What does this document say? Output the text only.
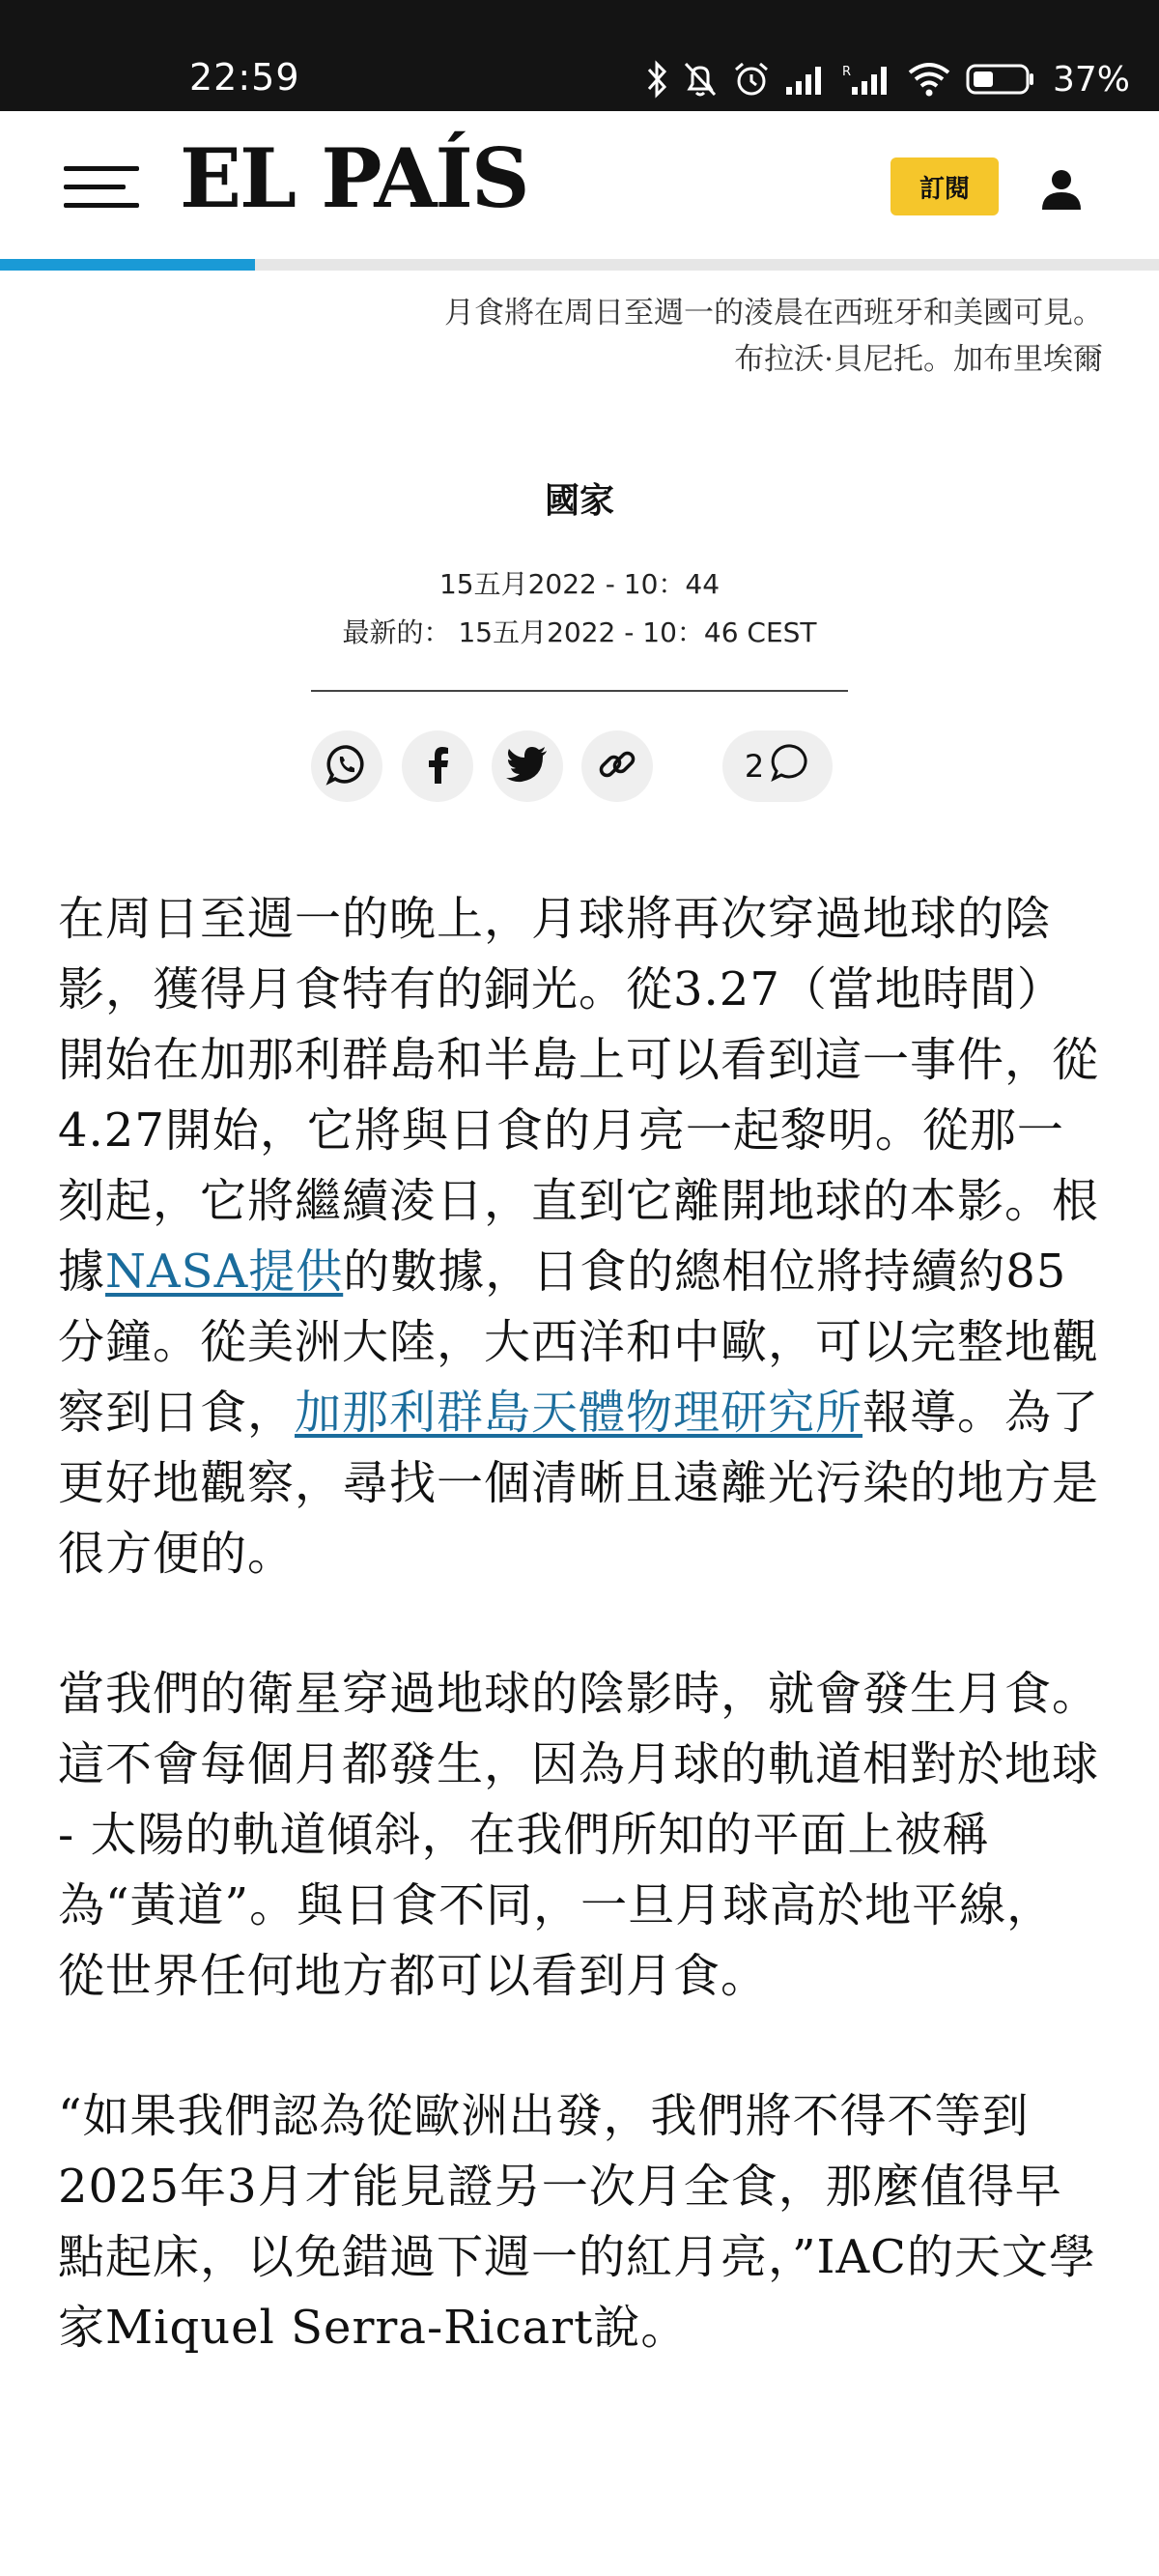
22:59	R	37%
EL PAÍS	訂閱
月食將在周日至週一的淩晨在西班牙和美國可見。
布拉沃·貝尼托。加布里埃爾
國家
15五月2022 - 10：44
最新的： 15五月2022 - 10：46 CEST
2

在周日至週一的晚上，月球將再次穿過地球的陰影，獲得月食特有的銅光。從3.27（當地時間）開始在加那利群島和半島上可以看到這一事件，從4.27開始，它將與日食的月亮一起黎明。從那一刻起，它將繼續淩日，直到它離開地球的本影。根據NASA提供的數據，日食的總相位將持續約85分鐘。從美洲大陸，大西洋和中歐，可以完整地觀察到日食，加那利群島天體物理研究所報導。為了更好地觀察，尋找一個清晰且遠離光污染的地方是很方便的。

當我們的衛星穿過地球的陰影時，就會發生月食。這不會每個月都發生，因為月球的軌道相對於地球 - 太陽的軌道傾斜，在我們所知的平面上被稱為“黃道”。與日食不同，一旦月球高於地平線，從世界任何地方都可以看到月食。

“如果我們認為從歐洲出發，我們將不得不等到2025年3月才能見證另一次月全食，那麼值得早點起床，以免錯過下週一的紅月亮，”IAC的天文學家Miquel Serra-Ricart說。
